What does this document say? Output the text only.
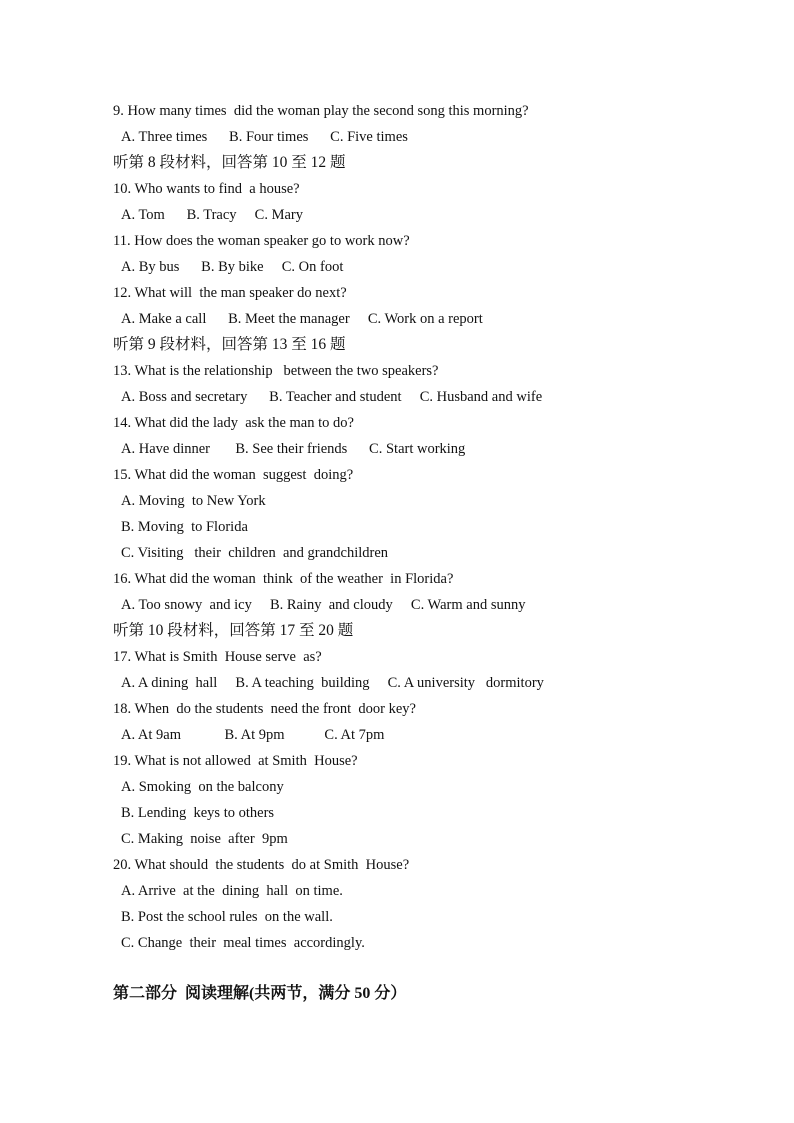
9. How many times  did the woman play the second song this morning?
A. Three times      B. Four times      C. Five times
听第 8 段材料，回答第 10 至 12 题
10. Who wants to find  a house?
A. Tom      B. Tracy     C. Mary
11. How does the woman speaker go to work now?
A. By bus      B. By bike     C. On foot
12. What will  the man speaker do next?
A. Make a call      B. Meet the manager     C. Work on a report
听第 9 段材料，回答第 13 至 16 题
13. What is the relationship   between the two speakers?
A. Boss and secretary      B. Teacher and student     C. Husband and wife
14. What did the lady  ask the man to do?
A. Have dinner       B. See their friends      C. Start working
15. What did the woman  suggest  doing?
A. Moving  to New York
B. Moving  to Florida
C. Visiting   their  children  and grandchildren
16. What did the woman  think  of the weather  in Florida?
A. Too snowy  and icy     B. Rainy  and cloudy     C. Warm and sunny
听第 10 段材料，回答第 17 至 20 题
17. What is Smith  House serve  as?
A. A dining  hall     B. A teaching  building     C. A university   dormitory
18. When  do the students  need the front  door key?
A. At 9am            B. At 9pm           C. At 7pm
19. What is not allowed  at Smith  House?
A. Smoking  on the balcony
B. Lending  keys to others
C. Making  noise  after  9pm
20. What should  the students  do at Smith  House?
A. Arrive  at the  dining  hall  on time.
B. Post the school rules  on the wall.
C. Change  their  meal times  accordingly.
第二部分  阅读理解(共两节，满分 50 分）
